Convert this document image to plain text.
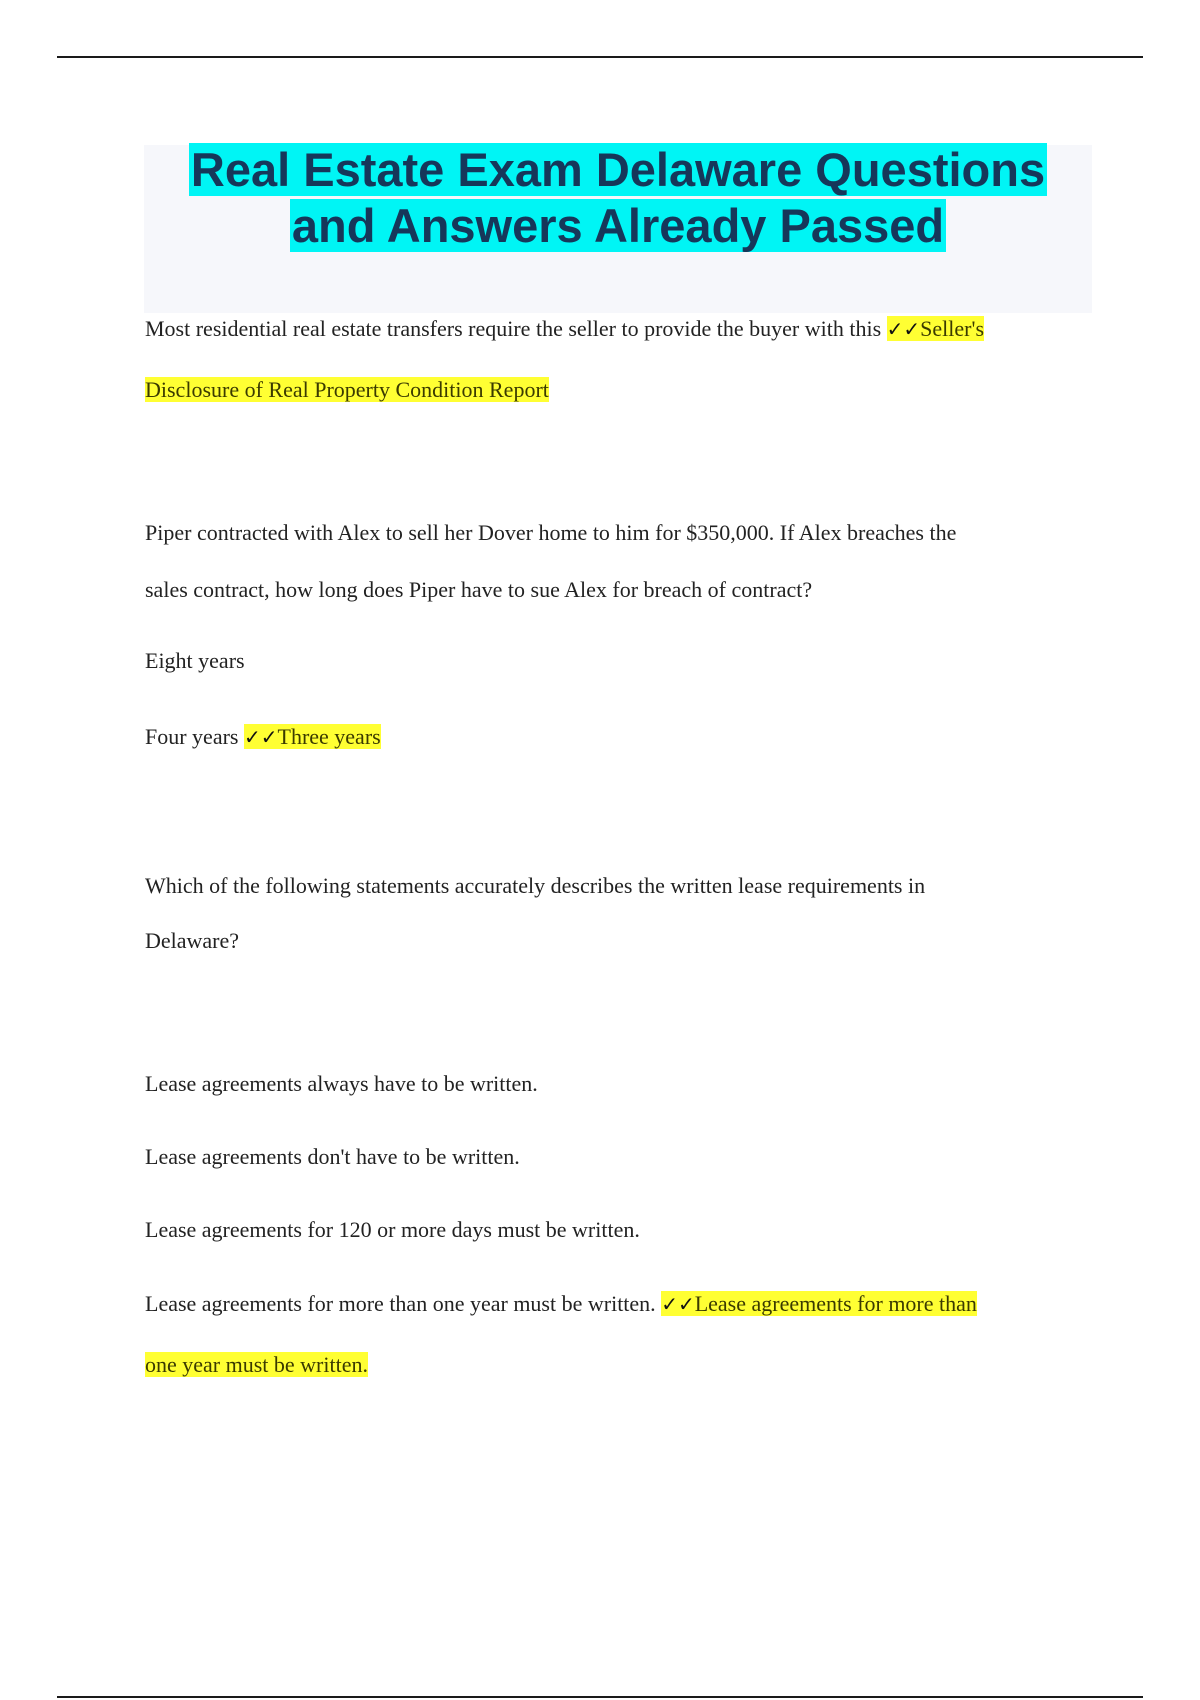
Real Estate Exam Delaware Questions
and Answers Already Passed
Most residential real estate transfers require the seller to provide the buyer with this ✓✓Seller's
Disclosure of Real Property Condition Report
Piper contracted with Alex to sell her Dover home to him for $350,000. If Alex breaches the
sales contract, how long does Piper have to sue Alex for breach of contract?
Eight years
Four years ✓✓Three years
Which of the following statements accurately describes the written lease requirements in
Delaware?
Lease agreements always have to be written.
Lease agreements don't have to be written.
Lease agreements for 120 or more days must be written.
Lease agreements for more than one year must be written. ✓✓Lease agreements for more than
one year must be written.
